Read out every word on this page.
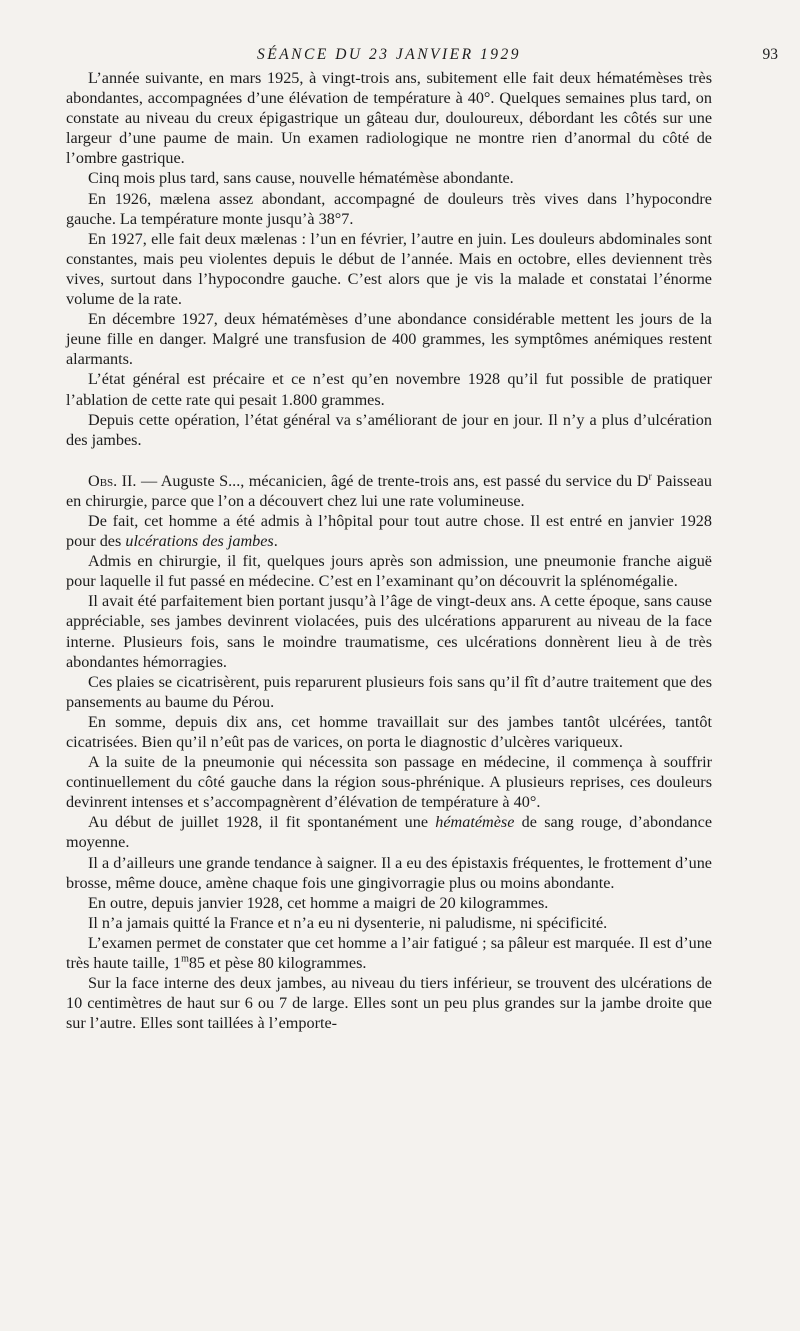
SÉANCE DU 23 JANVIER 1929	93

L’année suivante, en mars 1925, à vingt-trois ans, subitement elle fait deux hématémèses très abondantes, accompagnées d’une élévation de température à 40°. Quelques semaines plus tard, on constate au niveau du creux épigastrique un gâteau dur, douloureux, débordant les côtés sur une largeur d’une paume de main. Un examen radiologique ne montre rien d’anormal du côté de l’ombre gastrique.

Cinq mois plus tard, sans cause, nouvelle hématémèse abondante.

En 1926, mælena assez abondant, accompagné de douleurs très vives dans l’hypocondre gauche. La température monte jusqu’à 38°7.

En 1927, elle fait deux mælenas : l’un en février, l’autre en juin. Les douleurs abdominales sont constantes, mais peu violentes depuis le début de l’année. Mais en octobre, elles deviennent très vives, surtout dans l’hypocondre gauche. C’est alors que je vis la malade et constatai l’énorme volume de la rate.

En décembre 1927, deux hématémèses d’une abondance considérable mettent les jours de la jeune fille en danger. Malgré une transfusion de 400 grammes, les symptômes anémiques restent alarmants.

L’état général est précaire et ce n’est qu’en novembre 1928 qu’il fut possible de pratiquer l’ablation de cette rate qui pesait 1.800 grammes.

Depuis cette opération, l’état général va s’améliorant de jour en jour. Il n’y a plus d’ulcération des jambes.

Obs. II. — Auguste S..., mécanicien, âgé de trente-trois ans, est passé du service du $D^r$ Paisseau en chirurgie, parce que l’on a découvert chez lui une rate volumineuse.

De fait, cet homme a été admis à l’hôpital pour tout autre chose. Il est entré en janvier 1928 pour des ulcérations des jambes.

Admis en chirurgie, il fit, quelques jours après son admission, une pneumonie franche aiguë pour laquelle il fut passé en médecine. C’est en l’examinant qu’on découvrit la splénomégalie.

Il avait été parfaitement bien portant jusqu’à l’âge de vingt-deux ans. A cette époque, sans cause appréciable, ses jambes devinrent violacées, puis des ulcérations apparurent au niveau de la face interne. Plusieurs fois, sans le moindre traumatisme, ces ulcérations donnèrent lieu à de très abondantes hémorragies.

Ces plaies se cicatrisèrent, puis reparurent plusieurs fois sans qu’il fît d’autre traitement que des pansements au baume du Pérou.

En somme, depuis dix ans, cet homme travaillait sur des jambes tantôt ulcérées, tantôt cicatrisées. Bien qu’il n’eût pas de varices, on porta le diagnostic d’ulcères variqueux.

A la suite de la pneumonie qui nécessita son passage en médecine, il commença à souffrir continuellement du côté gauche dans la région sous-phrénique. A plusieurs reprises, ces douleurs devinrent intenses et s’accompagnèrent d’élévation de température à 40°.

Au début de juillet 1928, il fit spontanément une hématémèse de sang rouge, d’abondance moyenne.

Il a d’ailleurs une grande tendance à saigner. Il a eu des épistaxis fréquentes, le frottement d’une brosse, même douce, amène chaque fois une gingivorragie plus ou moins abondante.

En outre, depuis janvier 1928, cet homme a maigri de 20 kilogrammes.

Il n’a jamais quitté la France et n’a eu ni dysenterie, ni paludisme, ni spécificité.

L’examen permet de constater que cet homme a l’air fatigué ; sa pâleur est marquée. Il est d’une très haute taille, 1$^m$85 et pèse 80 kilogrammes.

Sur la face interne des deux jambes, au niveau du tiers inférieur, se trouvent des ulcérations de 10 centimètres de haut sur 6 ou 7 de large. Elles sont un peu plus grandes sur la jambe droite que sur l’autre. Elles sont taillées à l’emporte-
